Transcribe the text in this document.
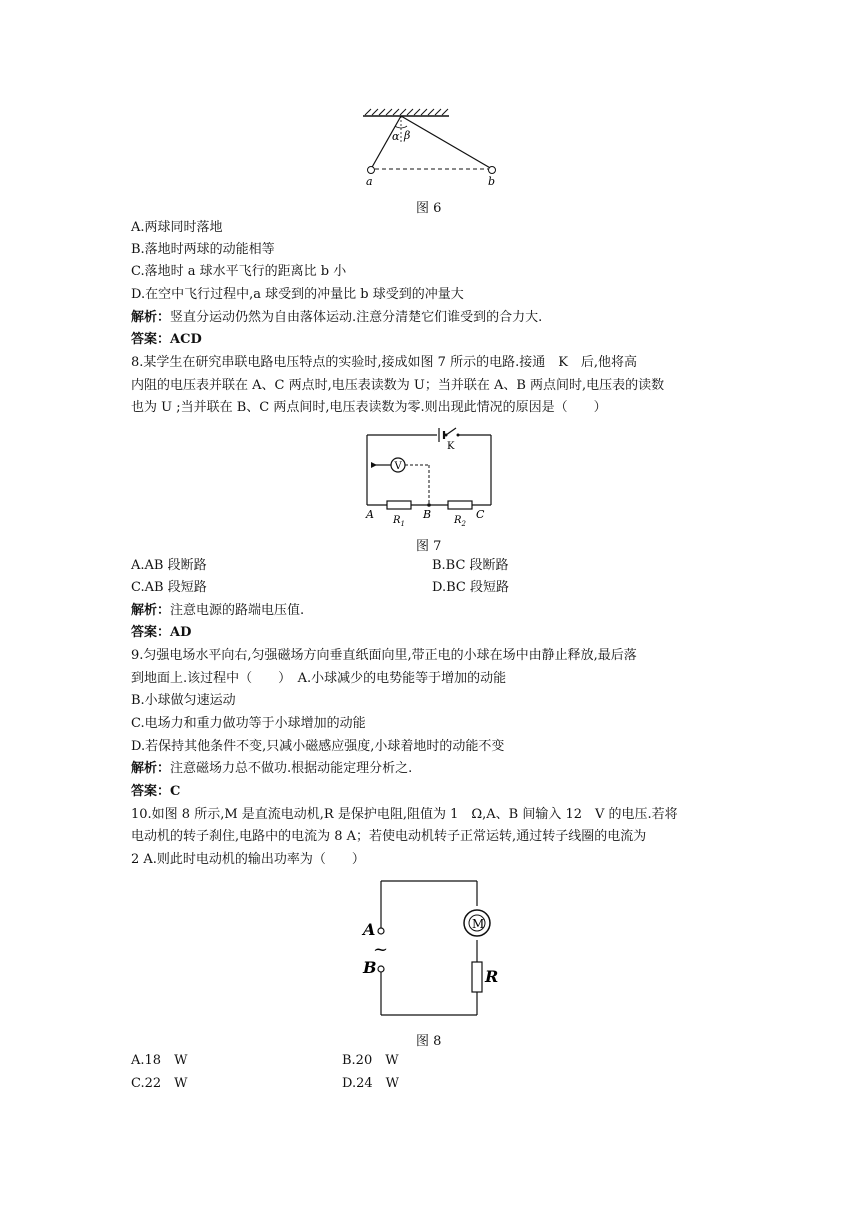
α β
a	b
图 6
A.两球同时落地
B.落地时两球的动能相等
C.落地时 a 球水平飞行的距离比 b 小
D.在空中飞行过程中,a 球受到的冲量比 b 球受到的冲量大
解析：竖直分运动仍然为自由落体运动.注意分清楚它们谁受到的合力大.
答案：ACD
8.某学生在研究串联电路电压特点的实验时,接成如图 7 所示的电路.接通　K　后,他将高
内阻的电压表并联在 A、C 两点时,电压表读数为 U；当并联在 A、B 两点间时,电压表的读数
也为 U ;当并联在 B、C 两点间时,电压表读数为零.则出现此情况的原因是（　　）
K
V
A	B	C
$R_1$	$R_2$
图 7
A.AB 段断路	B.BC 段断路
C.AB 段短路	D.BC 段短路
解析：注意电源的路端电压值.
答案：AD
9.匀强电场水平向右,匀强磁场方向垂直纸面向里,带正电的小球在场中由静止释放,最后落
到地面上.该过程中（　　）　A.小球减少的电势能等于增加的动能
B.小球做匀速运动
C.电场力和重力做功等于小球增加的动能
D.若保持其他条件不变,只减小磁感应强度,小球着地时的动能不变
解析：注意磁场力总不做功.根据动能定理分析之.
答案：C
10.如图 8 所示,M 是直流电动机,R 是保护电阻,阻值为 1　Ω,A、B 间输入 12　V 的电压.若将
电动机的转子刹住,电路中的电流为 8 A；若使电动机转子正常运转,通过转子线圈的电流为
2 A.则此时电动机的输出功率为（　　）
M
R
A
~
B
图 8
A.18　W	B.20　W
C.22　W	D.24　W
